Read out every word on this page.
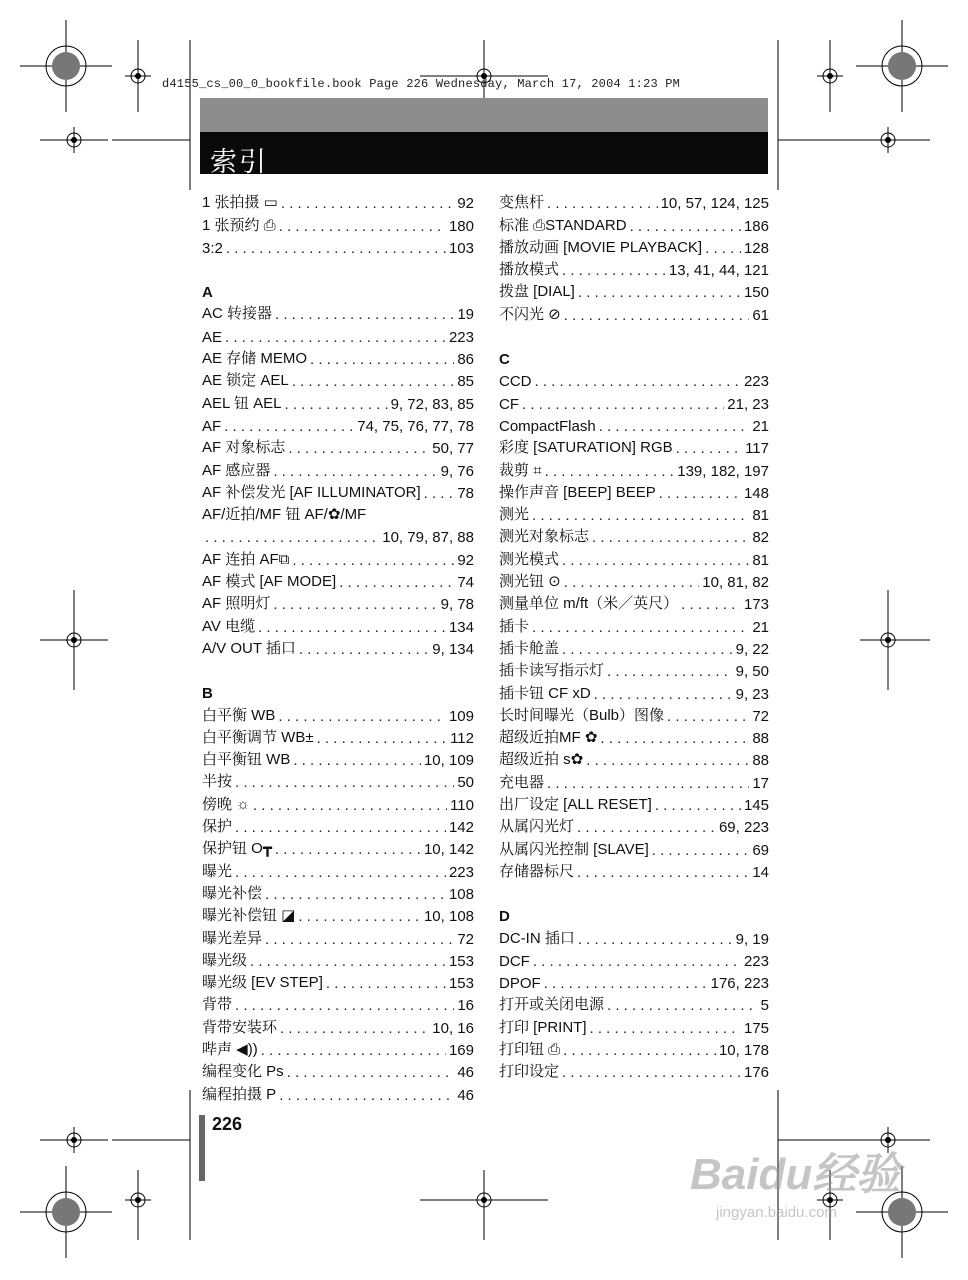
d4155_cs_00_0_bookfile.book Page 226 Wednesday, March 17, 2004 1:23 PM
索引
1 张拍摄 ▭ . . .	92
1 张预约 ⎙ . . .	180
3:2 . . .	103
A
AC 转接器 . . .	19
AE . . .	223
AE 存储 MEMO . . .	86
AE 锁定 AEL . . .	85
AEL 钮 AEL . . .	9, 72, 83, 85
AF . . .	74, 75, 76, 77, 78
AF 对象标志 . . .	50, 77
AF 感应器 . . .	9, 76
AF 补偿发光 [AF ILLUMINATOR] . . . 78
AF/近拍/MF 钮 AF/✿/MF
. . .
10, 79, 87, 88
AF 连拍 AF⧉ . . .	92
AF 模式 [AF MODE] . . .	74
AF 照明灯 . . .	9, 78
AV 电缆 . . .	134
A/V OUT 插口 . . .	9, 134
B
白平衡 WB . . .	109
白平衡调节 WB± . . .	112
白平衡钮 WB . . .	10, 109
半按 . . .	50
傍晚 ☼ . . .	110
保护 . . .	142
保护钮 O┳ . . .	10, 142
曝光 . . .	223
曝光补偿 . . .	108
曝光补偿钮 ◪ . . .	10, 108
曝光差异 . . .	72
曝光级 . . .	153
曝光级 [EV STEP] . . .	153
背带 . . .	16
背带安装环 . . .	10, 16
哔声 ◀)) . . .	169
编程变化 Ps . . .	46
编程拍摄 P . . .	46
变焦杆 . . .	10, 57, 124, 125
标准 ⎙STANDARD . . .	186
播放动画 [MOVIE PLAYBACK] . . .	128
播放模式 . . .	13, 41, 44, 121
拨盘 [DIAL] . . .	150
不闪光 ⊘ . . .	61
C
CCD . . .	223
CF . . .	21, 23
CompactFlash . . .	21
彩度 [SATURATION] RGB . . .	117
裁剪 ⌗ . . .	139, 182, 197
操作声音 [BEEP] BEEP . . .	148
测光 . . .	81
测光对象标志 . . .	82
测光模式 . . .	81
测光钮 ⊙ . . .	10, 81, 82
测量单位 m/ft（米／英尺） . . .	173
插卡 . . .	21
插卡舱盖 . . .	9, 22
插卡读写指示灯 . . .	9, 50
插卡钮 CF xD . . .	9, 23
长时间曝光（Bulb）图像 . . .	72
超级近拍MF ✿ . . .	88
超级近拍 s✿ . . .	88
充电器 . . .	17
出厂设定 [ALL RESET] . . .	145
从属闪光灯 . . .	69, 223
从属闪光控制 [SLAVE] . . .	69
存储器标尺 . . .	14
D
DC-IN 插口 . . .	9, 19
DCF . . .	223
DPOF . . .	176, 223
打开或关闭电源 . . .	5
打印 [PRINT] . . .	175
打印钮 ⎙ . . .	10, 178
打印设定 . . .	176
226
Baidu经验
jingyan.baidu.com
